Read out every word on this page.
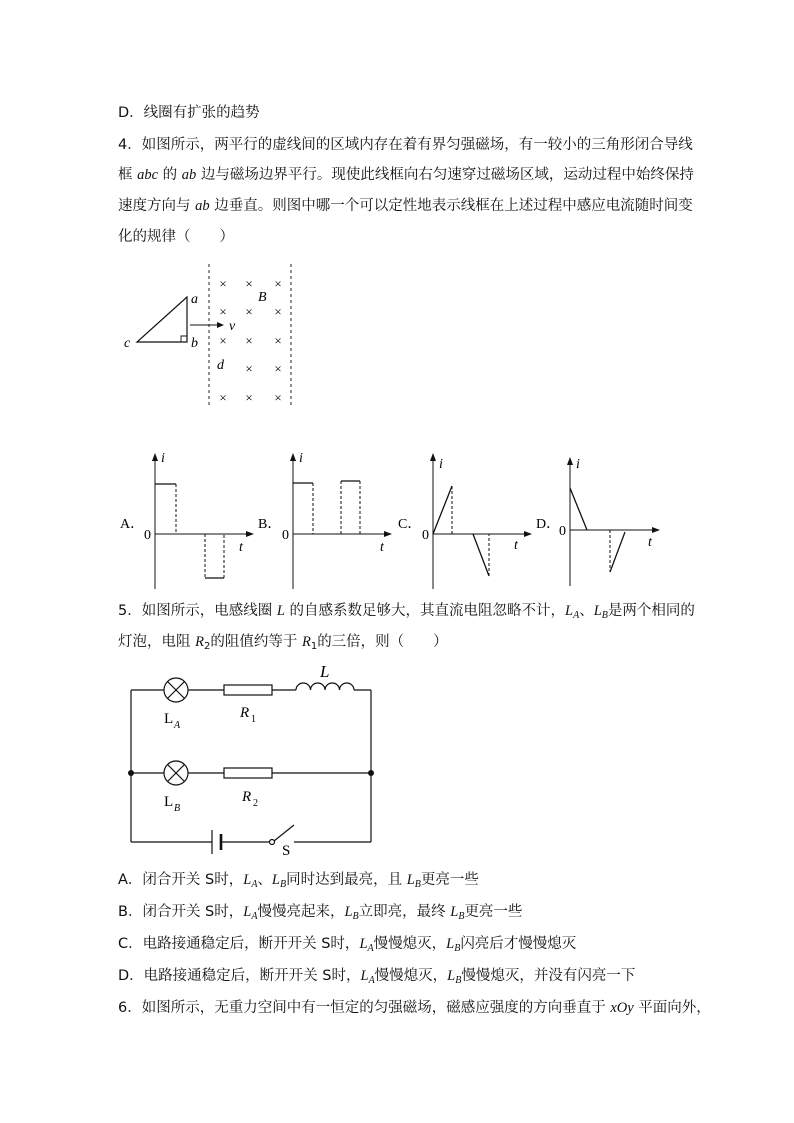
D．线圈有扩张的趋势
4．如图所示，两平行的虚线间的区域内存在着有界匀强磁场，有一较小的三角形闭合导线
框 abc 的 ab 边与磁场边界平行。现使此线框向右匀速穿过磁场区域，运动过程中始终保持
速度方向与 ab 边垂直。则图中哪一个可以定性地表示线框在上述过程中感应电流随时间变
化的规律（　　）
a
b
c
d
v
B
× × ×
× × ×
× × ×
× ×
× × ×
A．
i
t
0
B．
i
t
0
C．
i
t
0
D．
i
t
0
5．如图所示，电感线圈 L 的自感系数足够大，其直流电阻忽略不计，$L_A$、$L_B$是两个相同的
灯泡，电阻 $R_2$的阻值约等于 $R_1$的三倍，则（　　）
L
L A
L B
R 1
R 2
S
A．闭合开关 S时，$L_A$、$L_B$同时达到最亮，且 $L_B$更亮一些
B．闭合开关 S时，$L_A$慢慢亮起来，$L_B$立即亮，最终 $L_B$更亮一些
C．电路接通稳定后，断开开关 S时，$L_A$慢慢熄灭，$L_B$闪亮后才慢慢熄灭
D．电路接通稳定后，断开开关 S时，$L_A$慢慢熄灭，$L_B$慢慢熄灭，并没有闪亮一下
6．如图所示，无重力空间中有一恒定的匀强磁场，磁感应强度的方向垂直于 xOy 平面向外，
